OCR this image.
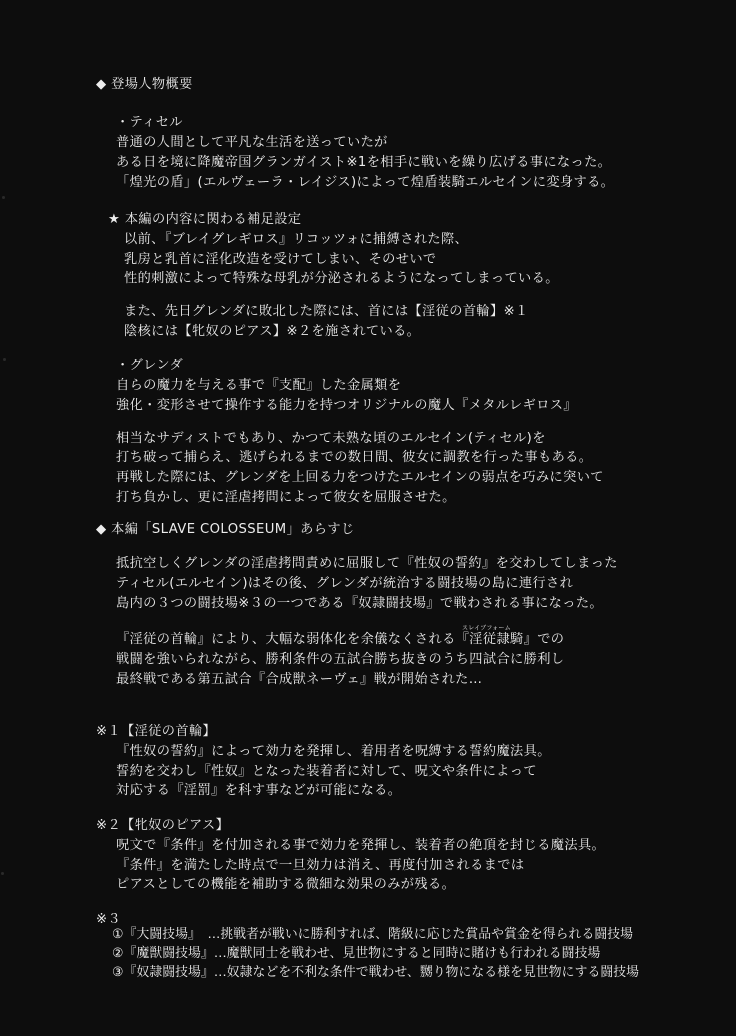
◆ 登場人物概要
・ティセル
普通の人間として平凡な生活を送っていたが
ある日を境に降魔帝国グランガイスト※1を相手に戦いを繰り広げる事になった。
「煌光の盾」(エルヴェーラ・レイジス)によって煌盾装騎エルセインに変身する。
★ 本編の内容に関わる補足設定
以前、『ブレイグレギロス』リコッツォに捕縛された際、
乳房と乳首に淫化改造を受けてしまい、そのせいで
性的刺激によって特殊な母乳が分泌されるようになってしまっている。
また、先日グレンダに敗北した際には、首には【淫従の首輪】※１
陰核には【牝奴のピアス】※２を施されている。
・グレンダ
自らの魔力を与える事で『支配』した金属類を
強化・変形させて操作する能力を持つオリジナルの魔人『メタルレギロス』
相当なサディストでもあり、かつて未熟な頃のエルセイン(ティセル)を
打ち破って捕らえ、逃げられるまでの数日間、彼女に調教を行った事もある。
再戦した際には、グレンダを上回る力をつけたエルセインの弱点を巧みに突いて
打ち負かし、更に淫虐拷問によって彼女を屈服させた。
◆ 本編「SLAVE COLOSSEUM」あらすじ
抵抗空しくグレンダの淫虐拷問責めに屈服して『性奴の誓約』を交わしてしまった
ティセル(エルセイン)はその後、グレンダが統治する闘技場の島に連行され
島内の３つの闘技場※３の一つである『奴隷闘技場』で戦わされる事になった。
スレイブフォーム
『淫従の首輪』により、大幅な弱体化を余儀なくされる『淫従隷騎』での
戦闘を強いられながら、勝利条件の五試合勝ち抜きのうち四試合に勝利し
最終戦である第五試合『合成獣ネーヴェ』戦が開始された…
※１【淫従の首輪】
『性奴の誓約』によって効力を発揮し、着用者を呪縛する誓約魔法具。
誓約を交わし『性奴』となった装着者に対して、呪文や条件によって
対応する『淫罰』を科す事などが可能になる。
※２【牝奴のピアス】
呪文で『条件』を付加される事で効力を発揮し、装着者の絶頂を封じる魔法具。
『条件』を満たした時点で一旦効力は消え、再度付加されるまでは
ピアスとしての機能を補助する微細な効果のみが残る。
※３
①『大闘技場』　…挑戦者が戦いに勝利すれば、階級に応じた賞品や賞金を得られる闘技場
②『魔獣闘技場』…魔獣同士を戦わせ、見世物にすると同時に賭けも行われる闘技場
③『奴隷闘技場』…奴隷などを不利な条件で戦わせ、嬲り物になる様を見世物にする闘技場
